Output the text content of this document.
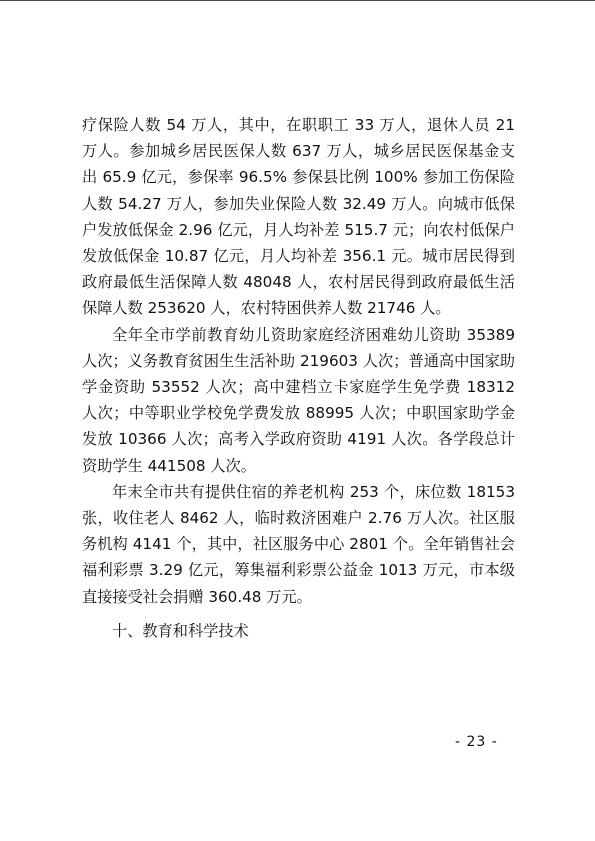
疗保险人数 54 万人，其中，在职职工 33 万人，退休人员 21 万人。参加城乡居民医保人数 637 万人，城乡居民医保基金支出 65.9 亿元，参保率 96.5% 参保县比例 100% 参加工伤保险人数 54.27 万人，参加失业保险人数 32.49 万人。向城市低保户发放低保金 2.96 亿元，月人均补差 515.7 元；向农村低保户发放低保金 10.87 亿元，月人均补差 356.1 元。城市居民得到政府最低生活保障人数 48048 人，农村居民得到政府最低生活保障人数 253620 人，农村特困供养人数 21746 人。

全年全市学前教育幼儿资助家庭经济困难幼儿资助 35389 人次；义务教育贫困生生活补助 219603 人次；普通高中国家助学金资助 53552 人次；高中建档立卡家庭学生免学费 18312 人次；中等职业学校免学费发放 88995 人次；中职国家助学金发放 10366 人次；高考入学政府资助 4191 人次。各学段总计资助学生 441508 人次。

年末全市共有提供住宿的养老机构 253 个，床位数 18153 张，收住老人 8462 人，临时救济困难户 2.76 万人次。社区服务机构 4141 个，其中，社区服务中心 2801 个。全年销售社会福利彩票 3.29 亿元，筹集福利彩票公益金 1013 万元，市本级直接接受社会捐赠 360.48 万元。

十、教育和科学技术
- 23 -
